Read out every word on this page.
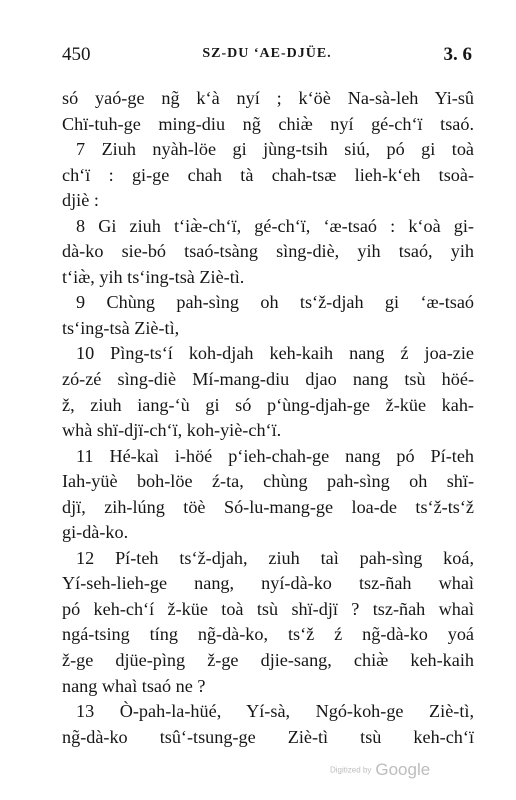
450	SZ-DU ‘AE-DJÜE.	3. 6
só yaó-ge ng̃ k‘à nyí ; k‘öè Na-sà-leh Yi-sû
Chï-tuh-ge ming-diu ng̃ chiæ̀ nyí gé-ch‘ï tsaó.
7 Ziuh nyàh-löe gi jùng-tsih siú, pó gi toà
ch‘ï : gi-ge chah tà chah-tsæ lieh-k‘eh tsoà-
djiè :
8 Gi ziuh t‘iæ̀-ch‘ï, gé-ch‘ï, ‘æ-tsaó : k‘oà gi-
dà-ko sie-bó tsaó-tsàng sìng-diè, yih tsaó, yih
t‘iæ̀, yih ts‘ing-tsà Ziè-tì.
9 Chùng pah-sìng oh ts‘ž-djah gi ‘æ-tsaó
ts‘ing-tsà Ziè-tì,
10 Pìng-ts‘í koh-djah keh-kaih nang ź joa-zie
zó-zé sìng-diè Mí-mang-diu djao nang tsù höé-
ž, ziuh iang-‘ù gi só p‘ùng-djah-ge ž-küe kah-
whà shï-djï-ch‘ï, koh-yiè-ch‘ï.
11 Hé-kaì i-höé p‘ieh-chah-ge nang pó Pí-teh
Iah-yüè boh-löe ź-ta, chùng pah-sìng oh shï-
djï, zih-lúng töè Só-lu-mang-ge loa-de ts‘ž-ts‘ž
gi-dà-ko.
12 Pí-teh ts‘ž-djah, ziuh taì pah-sìng koá,
Yí-seh-lieh-ge nang, nyí-dà-ko tsz-ñah whaì
pó keh-ch‘í ž-küe toà tsù shï-djï ? tsz-ñah whaì
ngá-tsing tíng ng̃-dà-ko, ts‘ž ź ng̃-dà-ko yoá
ž-ge djüe-pìng ž-ge djie-sang, chiæ̀ keh-kaih
nang whaì tsaó ne ?
13 Ò-pah-la-hüé, Yí-sà, Ngó-koh-ge Ziè-tì,
ng̃-dà-ko tsû‘-tsung-ge Ziè-tì tsù keh-ch‘ï
Digitized by Google
